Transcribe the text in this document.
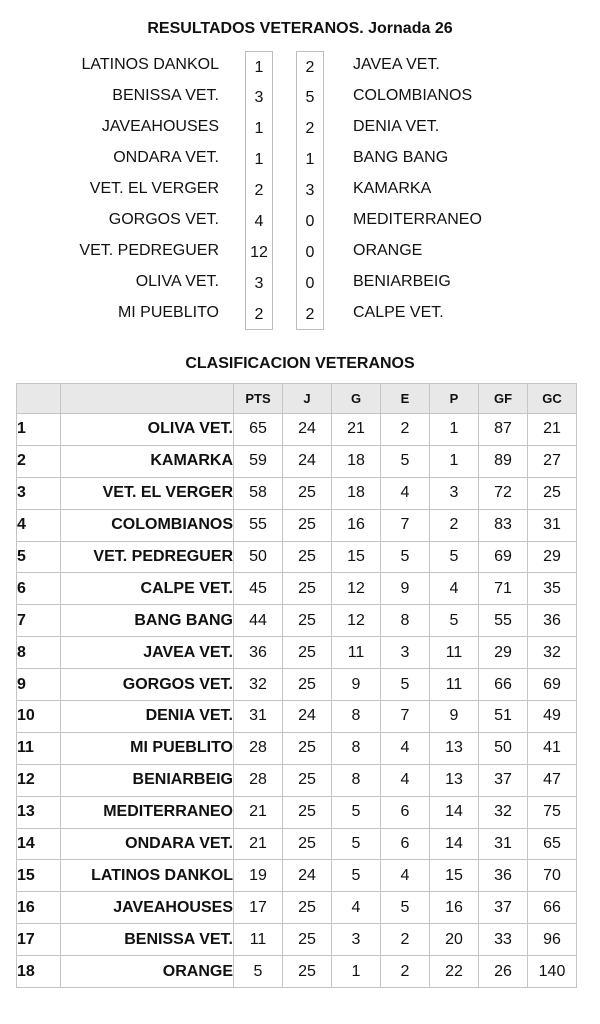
RESULTADOS VETERANOS. Jornada 26
LATINOS DANKOL	1	2	JAVEA VET.
BENISSA VET.	3	5	COLOMBIANOS
JAVEAHOUSES	1	2	DENIA VET.
ONDARA VET.	1	1	BANG BANG
VET. EL VERGER	2	3	KAMARKA
GORGOS VET.	4	0	MEDITERRANEO
VET. PEDREGUER	12	0	ORANGE
OLIVA VET.	3	0	BENIARBEIG
MI PUEBLITO	2	2	CALPE VET.
CLASIFICACION VETERANOS
		PTS	J	G	E	P	GF	GC
1	OLIVA VET.	65	24	21	2	1	87	21
2	KAMARKA	59	24	18	5	1	89	27
3	VET. EL VERGER	58	25	18	4	3	72	25
4	COLOMBIANOS	55	25	16	7	2	83	31
5	VET. PEDREGUER	50	25	15	5	5	69	29
6	CALPE VET.	45	25	12	9	4	71	35
7	BANG BANG	44	25	12	8	5	55	36
8	JAVEA VET.	36	25	11	3	11	29	32
9	GORGOS VET.	32	25	9	5	11	66	69
10	DENIA VET.	31	24	8	7	9	51	49
11	MI PUEBLITO	28	25	8	4	13	50	41
12	BENIARBEIG	28	25	8	4	13	37	47
13	MEDITERRANEO	21	25	5	6	14	32	75
14	ONDARA VET.	21	25	5	6	14	31	65
15	LATINOS DANKOL	19	24	5	4	15	36	70
16	JAVEAHOUSES	17	25	4	5	16	37	66
17	BENISSA VET.	11	25	3	2	20	33	96
18	ORANGE	5	25	1	2	22	26	140
